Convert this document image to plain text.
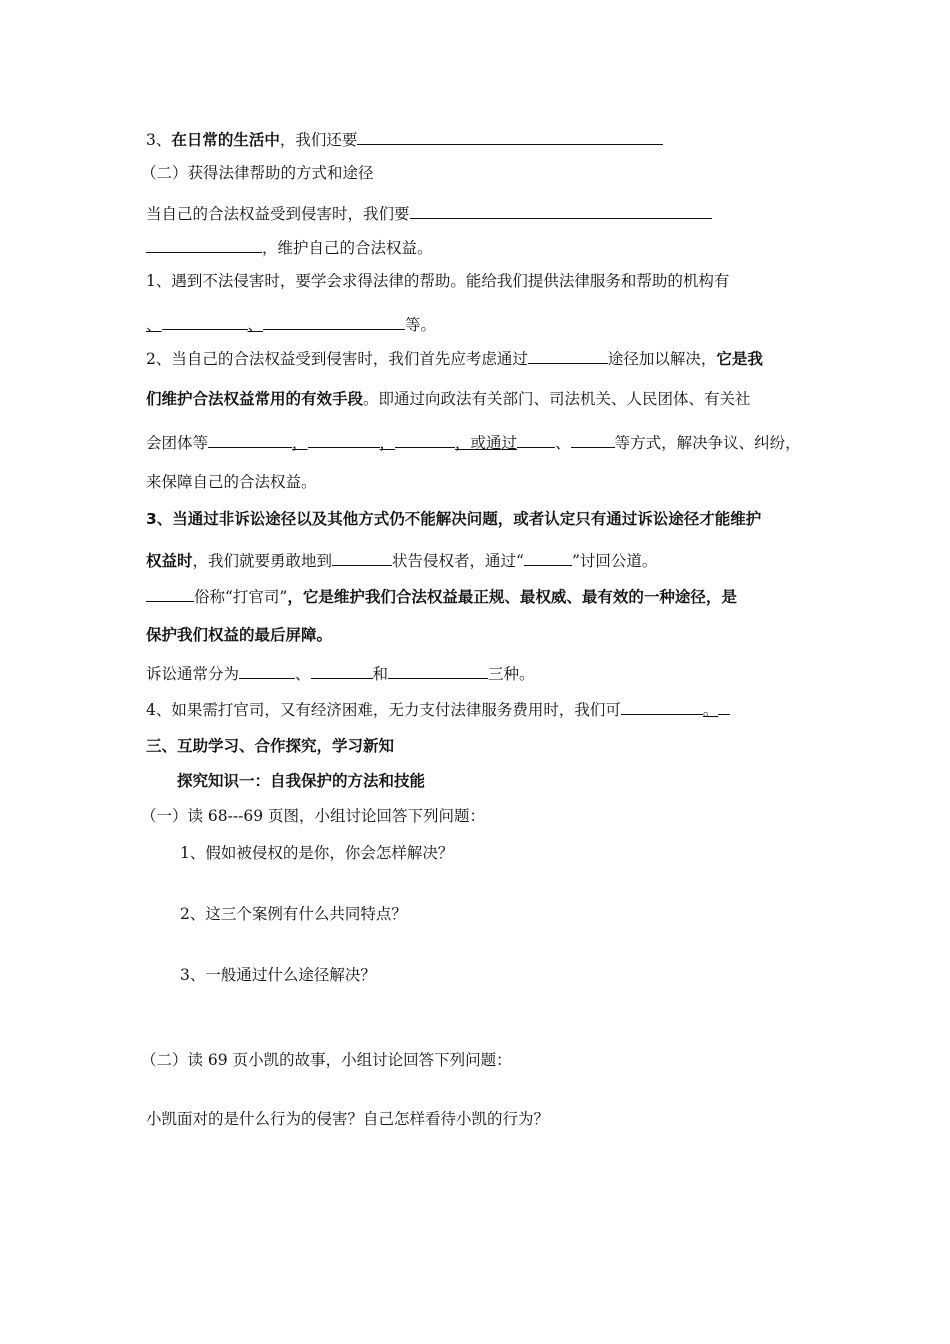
3、在日常的生活中，我们还要
（二）获得法律帮助的方式和途径
当自己的合法权益受到侵害时，我们要
，维护自己的合法权益。
1、遇到不法侵害时，要学会求得法律的帮助。能给我们提供法律服务和帮助的机构有
、	、	等。
2、当自己的合法权益受到侵害时，我们首先应考虑通过	途径加以解决，它是我
们维护合法权益常用的有效手段。即通过向政法有关部门、司法机关、人民团体、有关社
会团体等	，	，	，或通过 、	等方式，解决争议、纠纷，
来保障自己的合法权益。
3、当通过非诉讼途径以及其他方式仍不能解决问题，或者认定只有通过诉讼途径才能维护
权益时，我们就要勇敢地到	状告侵权者，通过“	”讨回公道。
俗称“打官司”，它是维护我们合法权益最正规、最权威、最有效的一种途径，是
保护我们权益的最后屏障。
诉讼通常分为	、	和	三种。
4、如果需打官司，又有经济困难，无力支付法律服务费用时，我们可	。
三、互助学习、合作探究，学习新知
探究知识一：自我保护的方法和技能
（一）读 68---69 页图，小组讨论回答下列问题：
1、假如被侵权的是你，你会怎样解决？
2、这三个案例有什么共同特点？
3、一般通过什么途径解决？
（二）读 69 页小凯的故事，小组讨论回答下列问题：
小凯面对的是什么行为的侵害？自己怎样看待小凯的行为？
